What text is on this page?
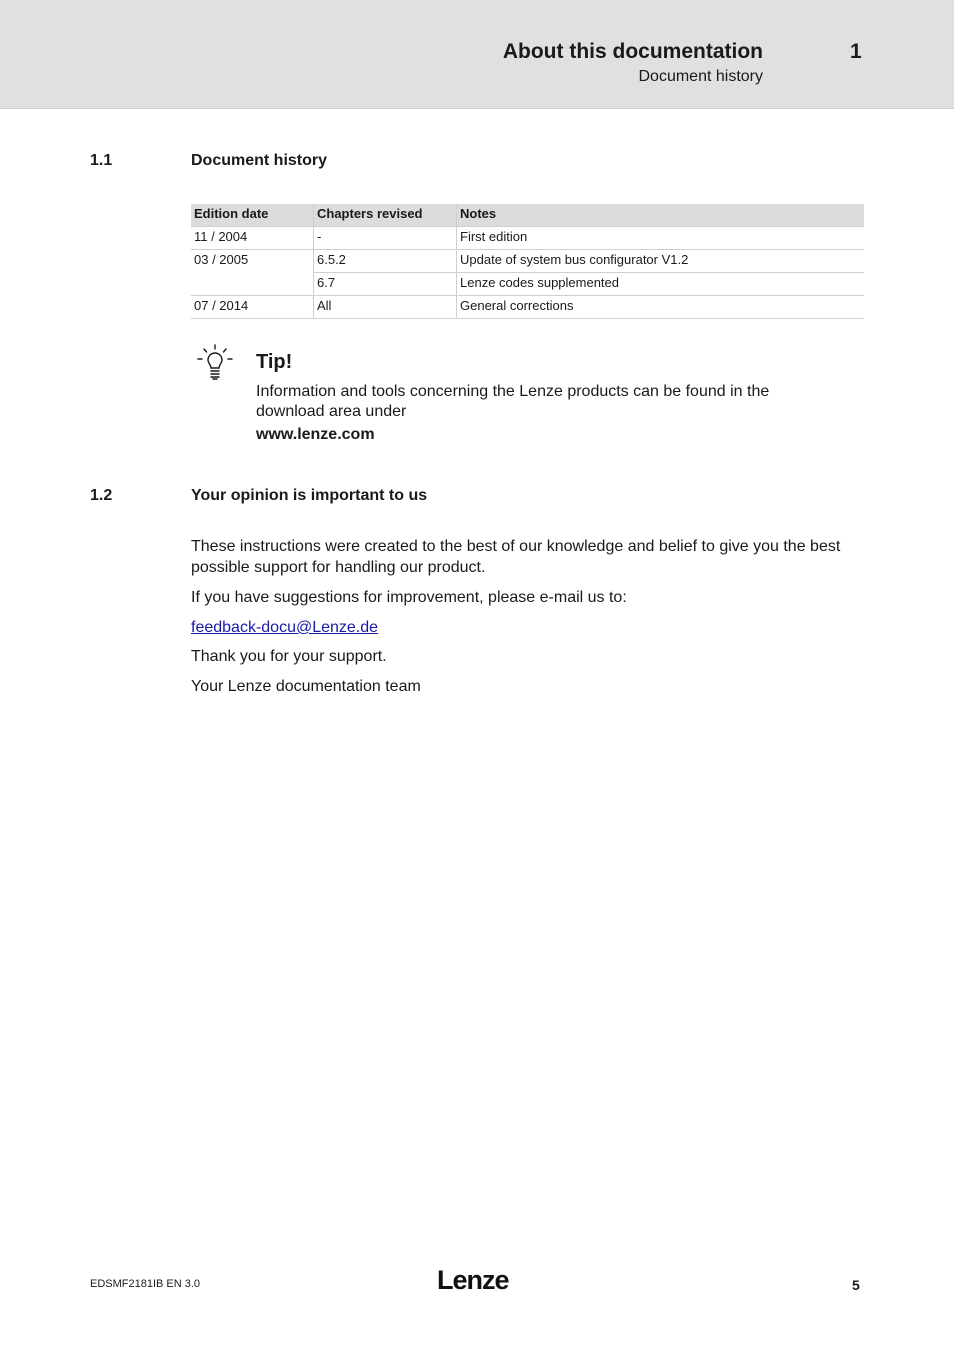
About this documentation	1
Document history
1.1	Document history
Edition date	Chapters revised	Notes
11 / 2004	-	First edition
03 / 2005	6.5.2	Update of system bus configurator V1.2
	6.7	Lenze codes supplemented
07 / 2014	All	General corrections
Tip!
Information and tools concerning the Lenze products can be found in the download area under
www.lenze.com
1.2	Your opinion is important to us
These instructions were created to the best of our knowledge and belief to give you the best possible support for handling our product.
If you have suggestions for improvement, please e-mail us to:
feedback-docu@Lenze.de
Thank you for your support.
Your Lenze documentation team
EDSMF2181IB EN 3.0	Lenze	5
